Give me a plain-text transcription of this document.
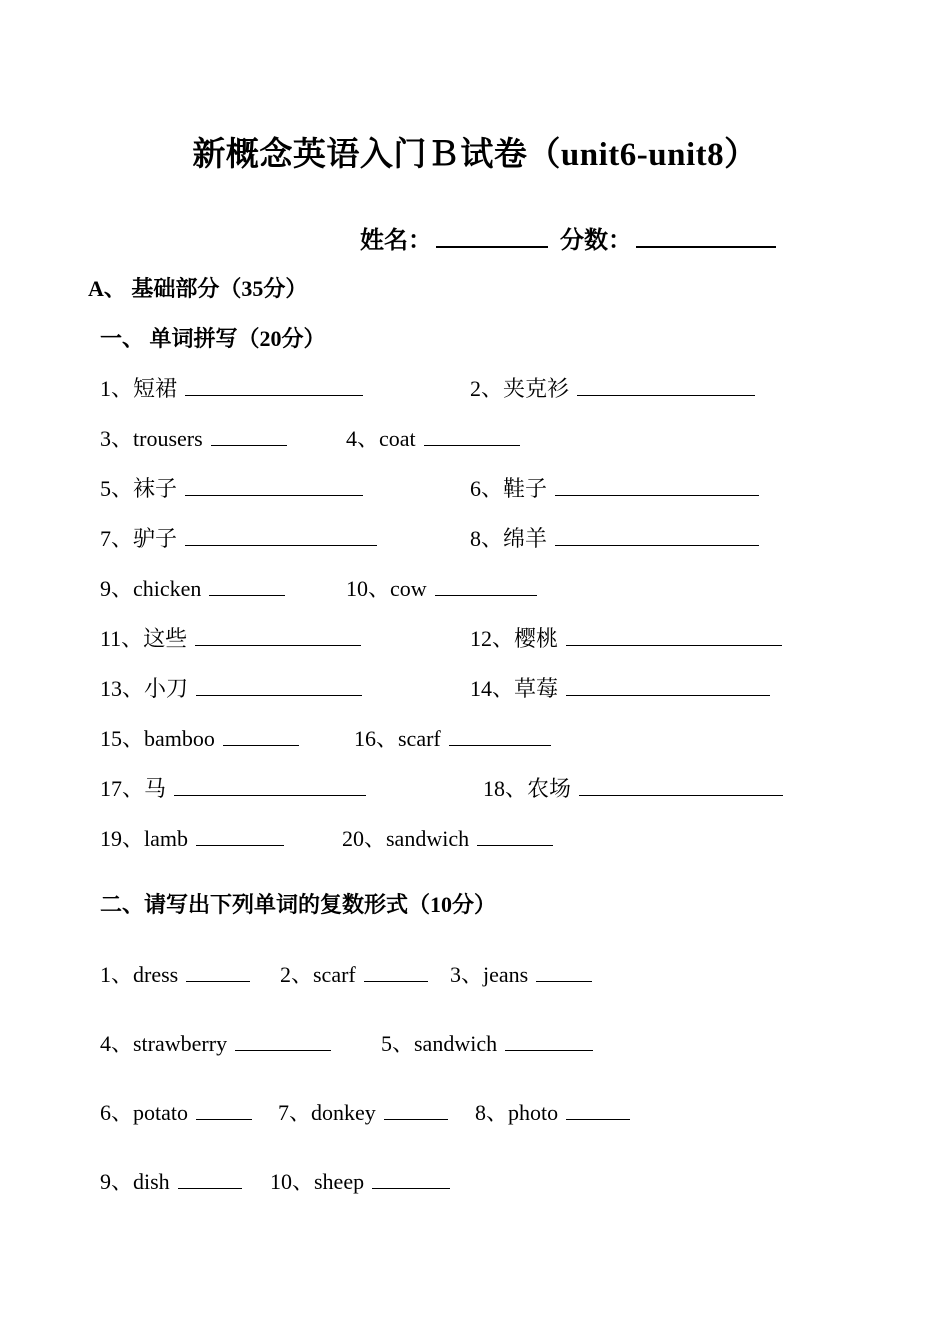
新概念英语入门Ｂ试卷（unit6-unit8）
姓名：	分数：
A、 基础部分（35分）
一、 单词拼写（20分）
1、短裙	2、夹克衫
3、trousers	4、coat
5、袜子	6、鞋子
7、驴子	8、绵羊
9、chicken	10、cow
11、这些	12、樱桃
13、小刀	14、草莓
15、bamboo	16、scarf
17、马	18、农场
19、lamb	20、sandwich
二、请写出下列单词的复数形式（10分）
1、dress	2、scarf	3、jeans
4、strawberry	5、sandwich
6、potato	7、donkey	8、photo
9、dish	10、sheep
